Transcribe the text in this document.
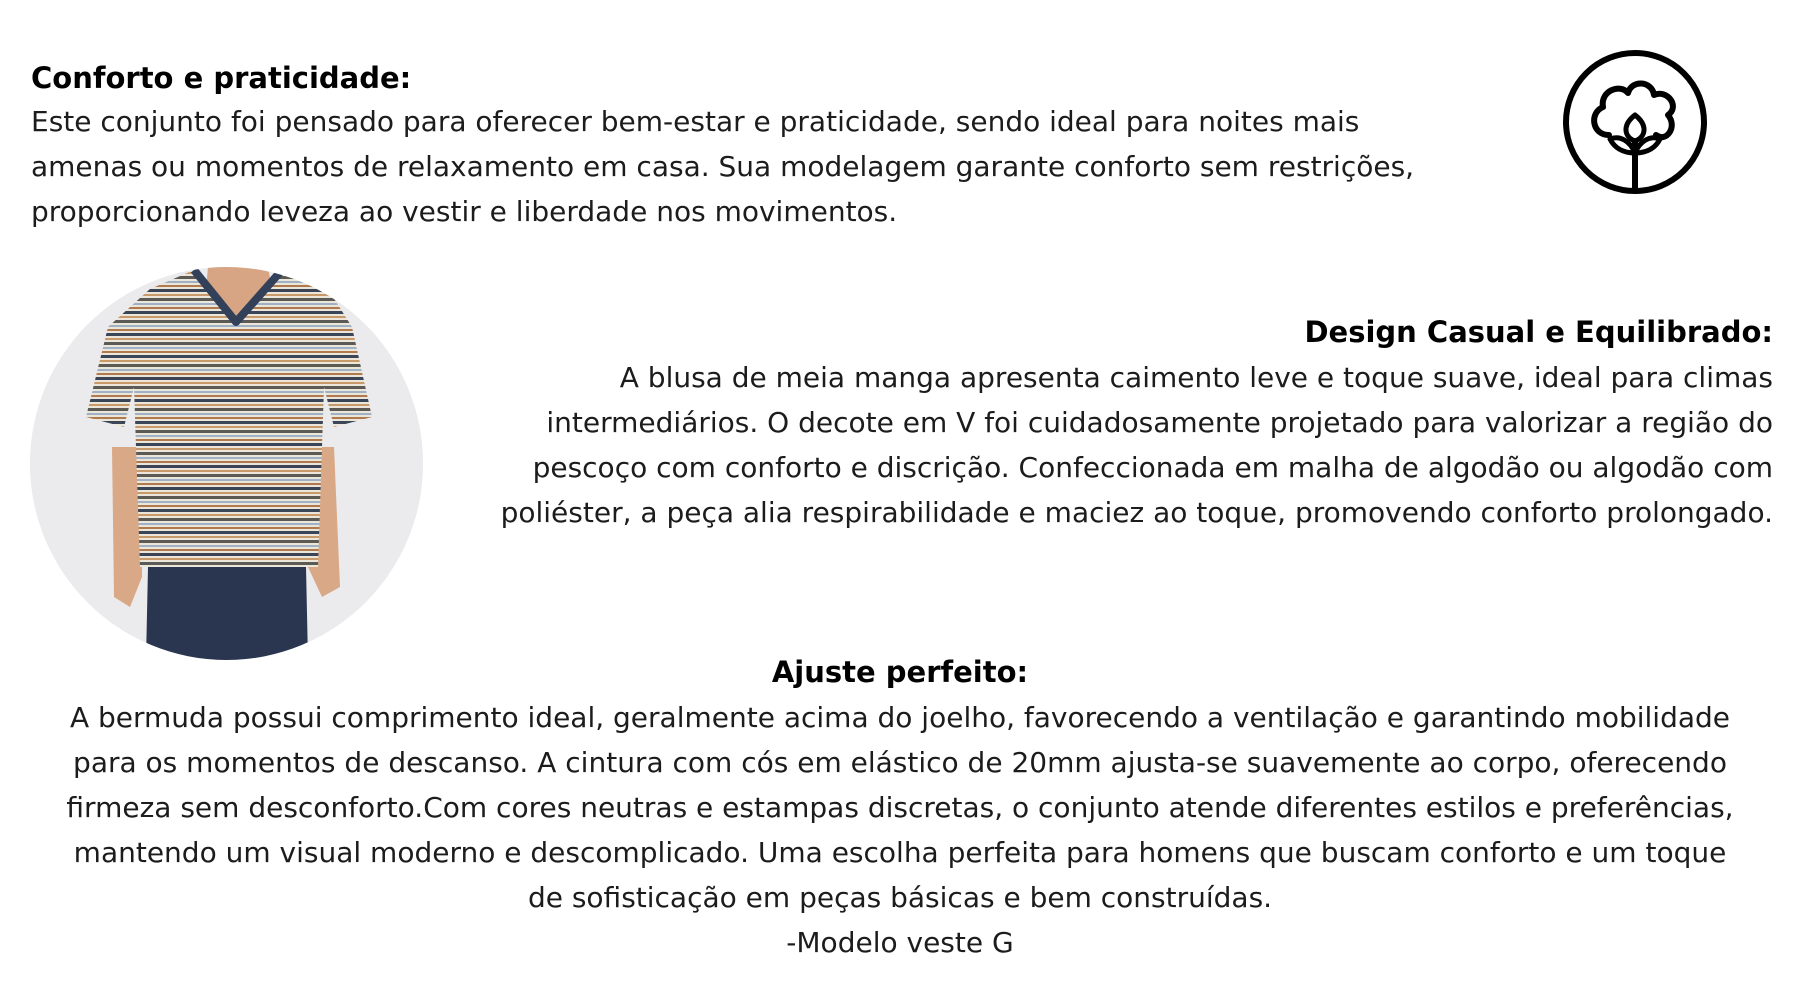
Conforto e praticidade:
Este conjunto foi pensado para oferecer bem-estar e praticidade, sendo ideal para noites mais
amenas ou momentos de relaxamento em casa. Sua modelagem garante conforto sem restrições,
proporcionando leveza ao vestir e liberdade nos movimentos.
Design Casual e Equilibrado:
A blusa de meia manga apresenta caimento leve e toque suave, ideal para climas
intermediários. O decote em V foi cuidadosamente projetado para valorizar a região do
pescoço com conforto e discrição. Confeccionada em malha de algodão ou algodão com
poliéster, a peça alia respirabilidade e maciez ao toque, promovendo conforto prolongado.
Ajuste perfeito:
A bermuda possui comprimento ideal, geralmente acima do joelho, favorecendo a ventilação e garantindo mobilidade
para os momentos de descanso. A cintura com cós em elástico de 20mm ajusta-se suavemente ao corpo, oferecendo
firmeza sem desconforto.Com cores neutras e estampas discretas, o conjunto atende diferentes estilos e preferências,
mantendo um visual moderno e descomplicado. Uma escolha perfeita para homens que buscam conforto e um toque
de sofisticação em peças básicas e bem construídas.
-Modelo veste G
